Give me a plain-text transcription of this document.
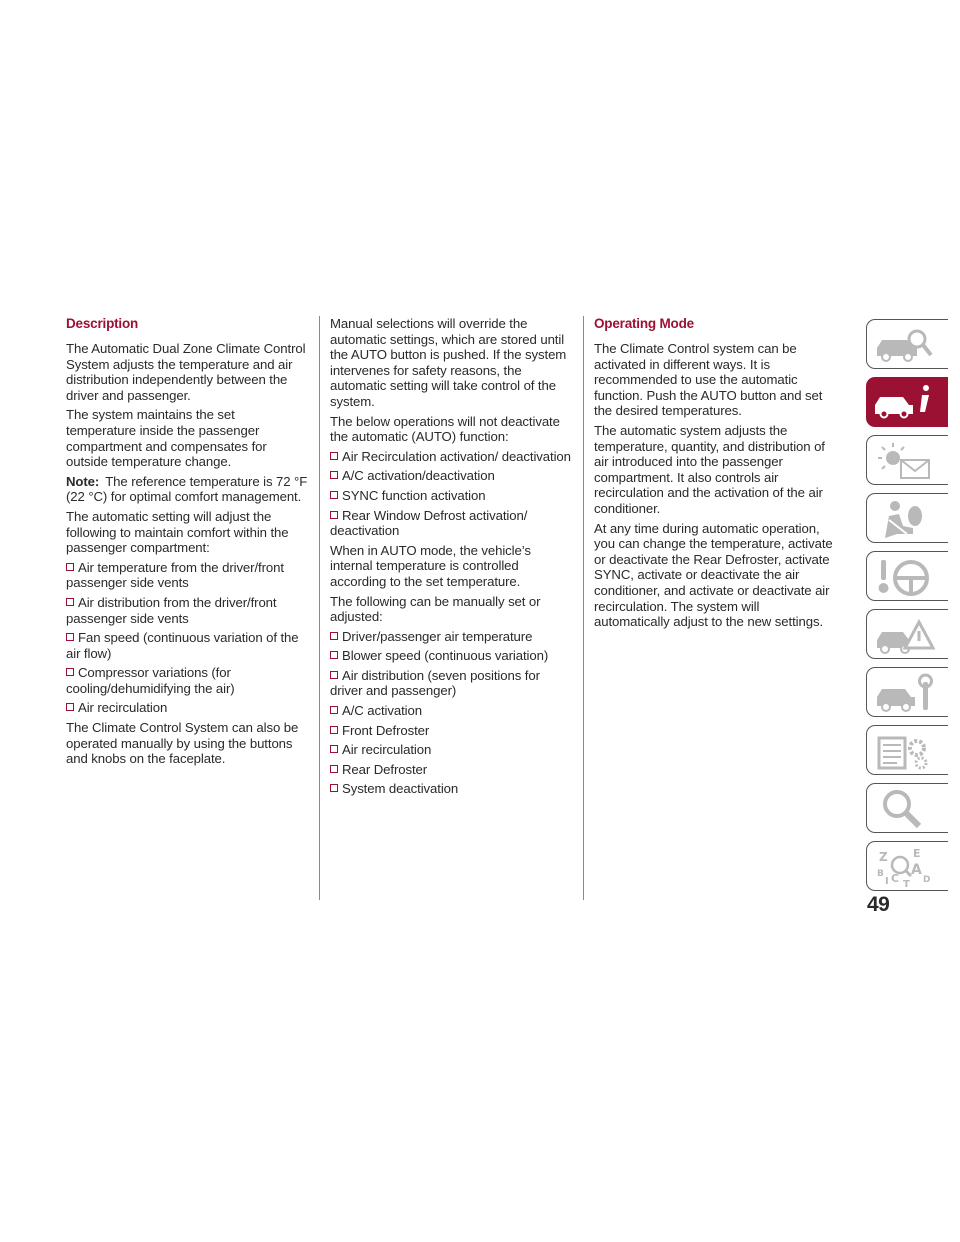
Description

The Automatic Dual Zone Climate Control System adjusts the temperature and air distribution independently between the driver and passenger.

The system maintains the set temperature inside the passenger compartment and compensates for outside temperature change.

Note: The reference temperature is 72 °F (22 °C) for optimal comfort management.

The automatic setting will adjust the following to maintain comfort within the passenger compartment:

Air temperature from the driver/front passenger side vents
Air distribution from the driver/front passenger side vents
Fan speed (continuous variation of the air flow)
Compressor variations (for cooling/dehumidifying the air)
Air recirculation

The Climate Control System can also be operated manually by using the buttons and knobs on the faceplate.

Manual selections will override the automatic settings, which are stored until the AUTO button is pushed. If the system intervenes for safety reasons, the automatic setting will take control of the system.

The below operations will not deactivate the automatic (AUTO) function:

Air Recirculation activation/ deactivation
A/C activation/deactivation
SYNC function activation
Rear Window Defrost activation/ deactivation

When in AUTO mode, the vehicle’s internal temperature is controlled according to the set temperature.

The following can be manually set or adjusted:

Driver/passenger air temperature
Blower speed (continuous variation)
Air distribution (seven positions for driver and passenger)
A/C activation
Front Defroster
Air recirculation
Rear Defroster
System deactivation
Operating Mode

The Climate Control system can be activated in different ways. It is recommended to use the automatic function. Push the AUTO button and set the desired temperatures.

The automatic system adjusts the temperature, quantity, and distribution of air introduced into the passenger compartment. It also controls air recirculation and the activation of the air conditioner.

At any time during automatic operation, you can change the temperature, activate or deactivate the Rear Defroster, activate SYNC, activate or deactivate the air conditioner, and activate or deactivate air recirculation. The system will automatically adjust to the new settings.

Z E
B A
I C T D
49
